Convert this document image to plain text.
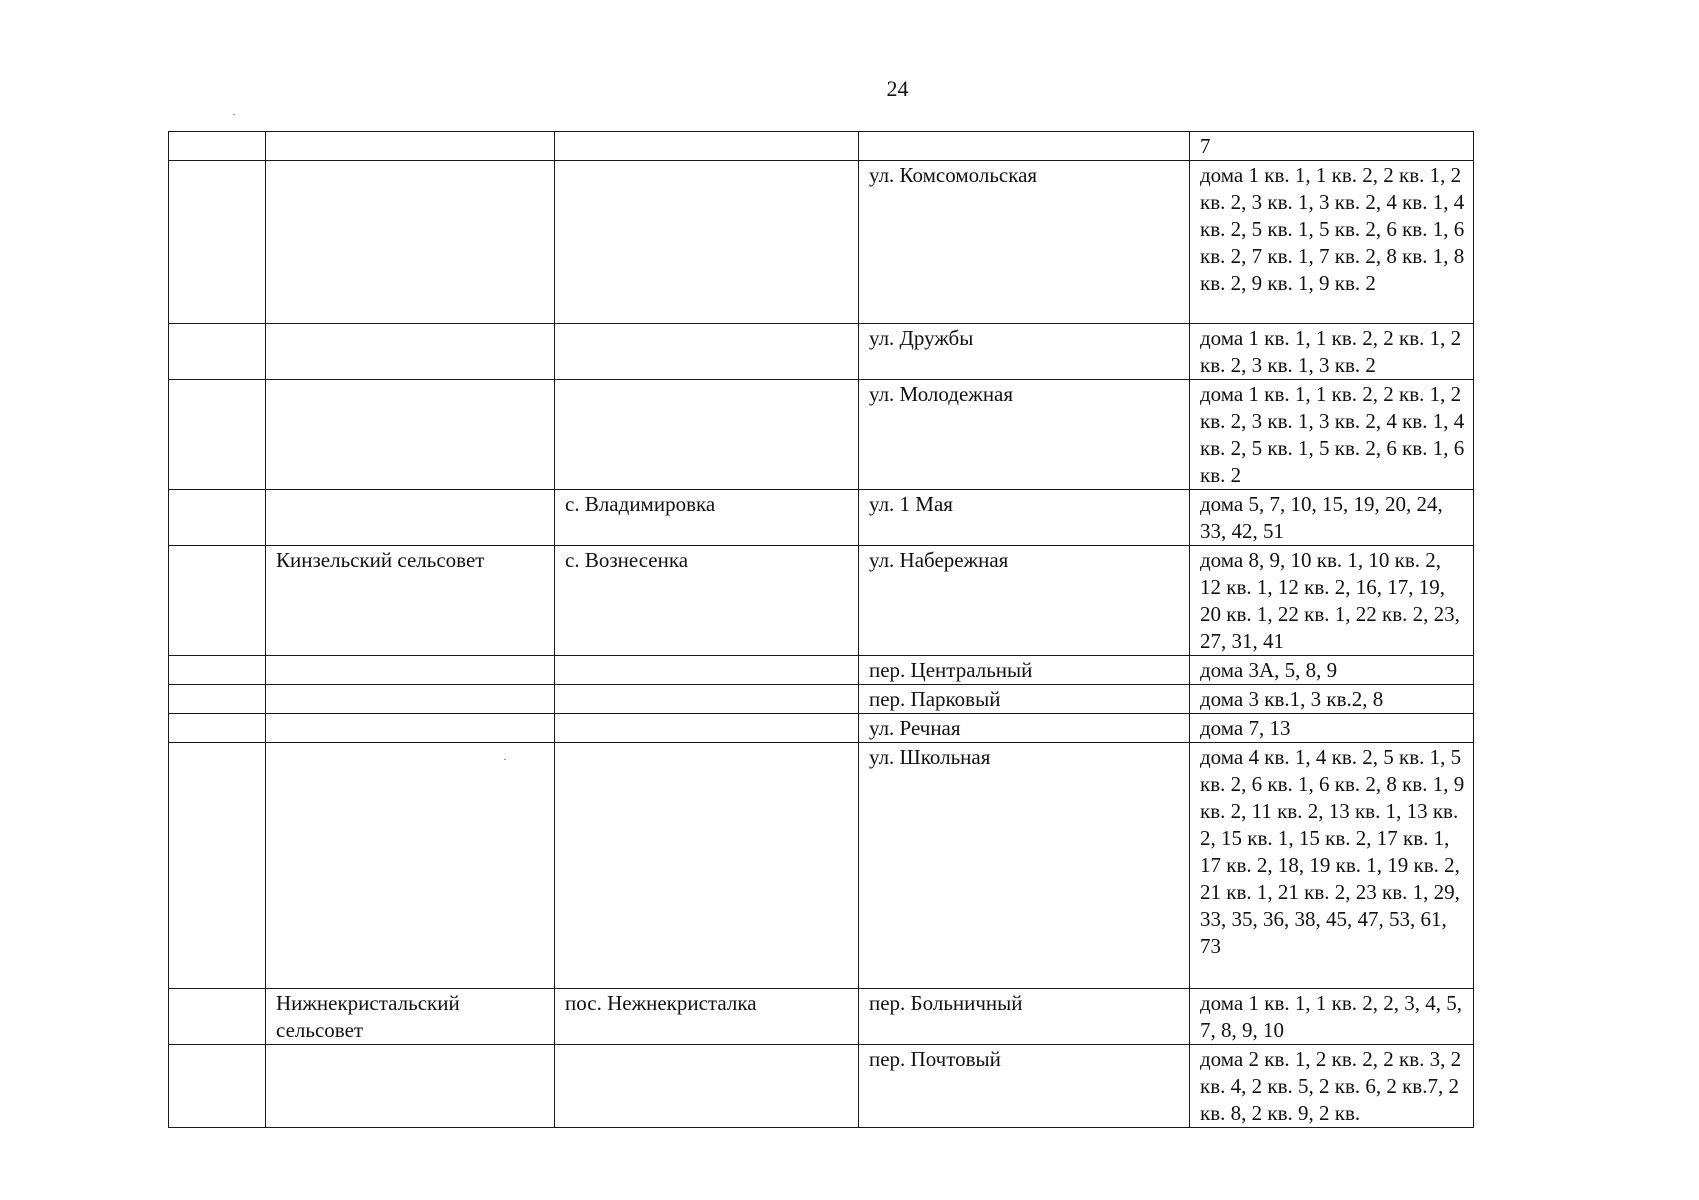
24
				7
			ул. Комсомольская	дома 1 кв. 1, 1 кв. 2, 2 кв. 1, 2 кв. 2, 3 кв. 1, 3 кв. 2, 4 кв. 1, 4 кв. 2, 5 кв. 1, 5 кв. 2, 6 кв. 1, 6 кв. 2, 7 кв. 1, 7 кв. 2, 8 кв. 1, 8 кв. 2, 9 кв. 1, 9 кв. 2
			ул. Дружбы	дома 1 кв. 1, 1 кв. 2, 2 кв. 1, 2 кв. 2, 3 кв. 1, 3 кв. 2
			ул. Молодежная	дома 1 кв. 1, 1 кв. 2, 2 кв. 1, 2 кв. 2, 3 кв. 1, 3 кв. 2, 4 кв. 1, 4 кв. 2, 5 кв. 1, 5 кв. 2, 6 кв. 1, 6 кв. 2
		с. Владимировка	ул. 1 Мая	дома 5, 7, 10, 15, 19, 20, 24, 33, 42, 51
	Кинзельский сельсовет	с. Вознесенка	ул. Набережная	дома 8, 9, 10 кв. 1, 10 кв. 2, 12 кв. 1, 12 кв. 2, 16, 17, 19, 20 кв. 1, 22 кв. 1, 22 кв. 2, 23, 27, 31, 41
			пер. Центральный	дома 3А, 5, 8, 9
			пер. Парковый	дома 3 кв.1, 3 кв.2, 8
			ул. Речная	дома 7, 13
			ул. Школьная	дома 4 кв. 1, 4 кв. 2, 5 кв. 1, 5 кв. 2, 6 кв. 1, 6 кв. 2, 8 кв. 1, 9 кв. 2, 11 кв. 2, 13 кв. 1, 13 кв. 2, 15 кв. 1, 15 кв. 2, 17 кв. 1, 17 кв. 2, 18, 19 кв. 1, 19 кв. 2, 21 кв. 1, 21 кв. 2, 23 кв. 1, 29, 33, 35, 36, 38, 45, 47, 53, 61, 73
	Нижнекристальский сельсовет	пос. Нежнекристалка	пер. Больничный	дома 1 кв. 1, 1 кв. 2, 2, 3, 4, 5, 7, 8, 9, 10
			пер. Почтовый	дома 2 кв. 1, 2 кв. 2, 2 кв. 3, 2 кв. 4, 2 кв. 5, 2 кв. 6, 2 кв.7, 2 кв. 8, 2 кв. 9, 2 кв.
